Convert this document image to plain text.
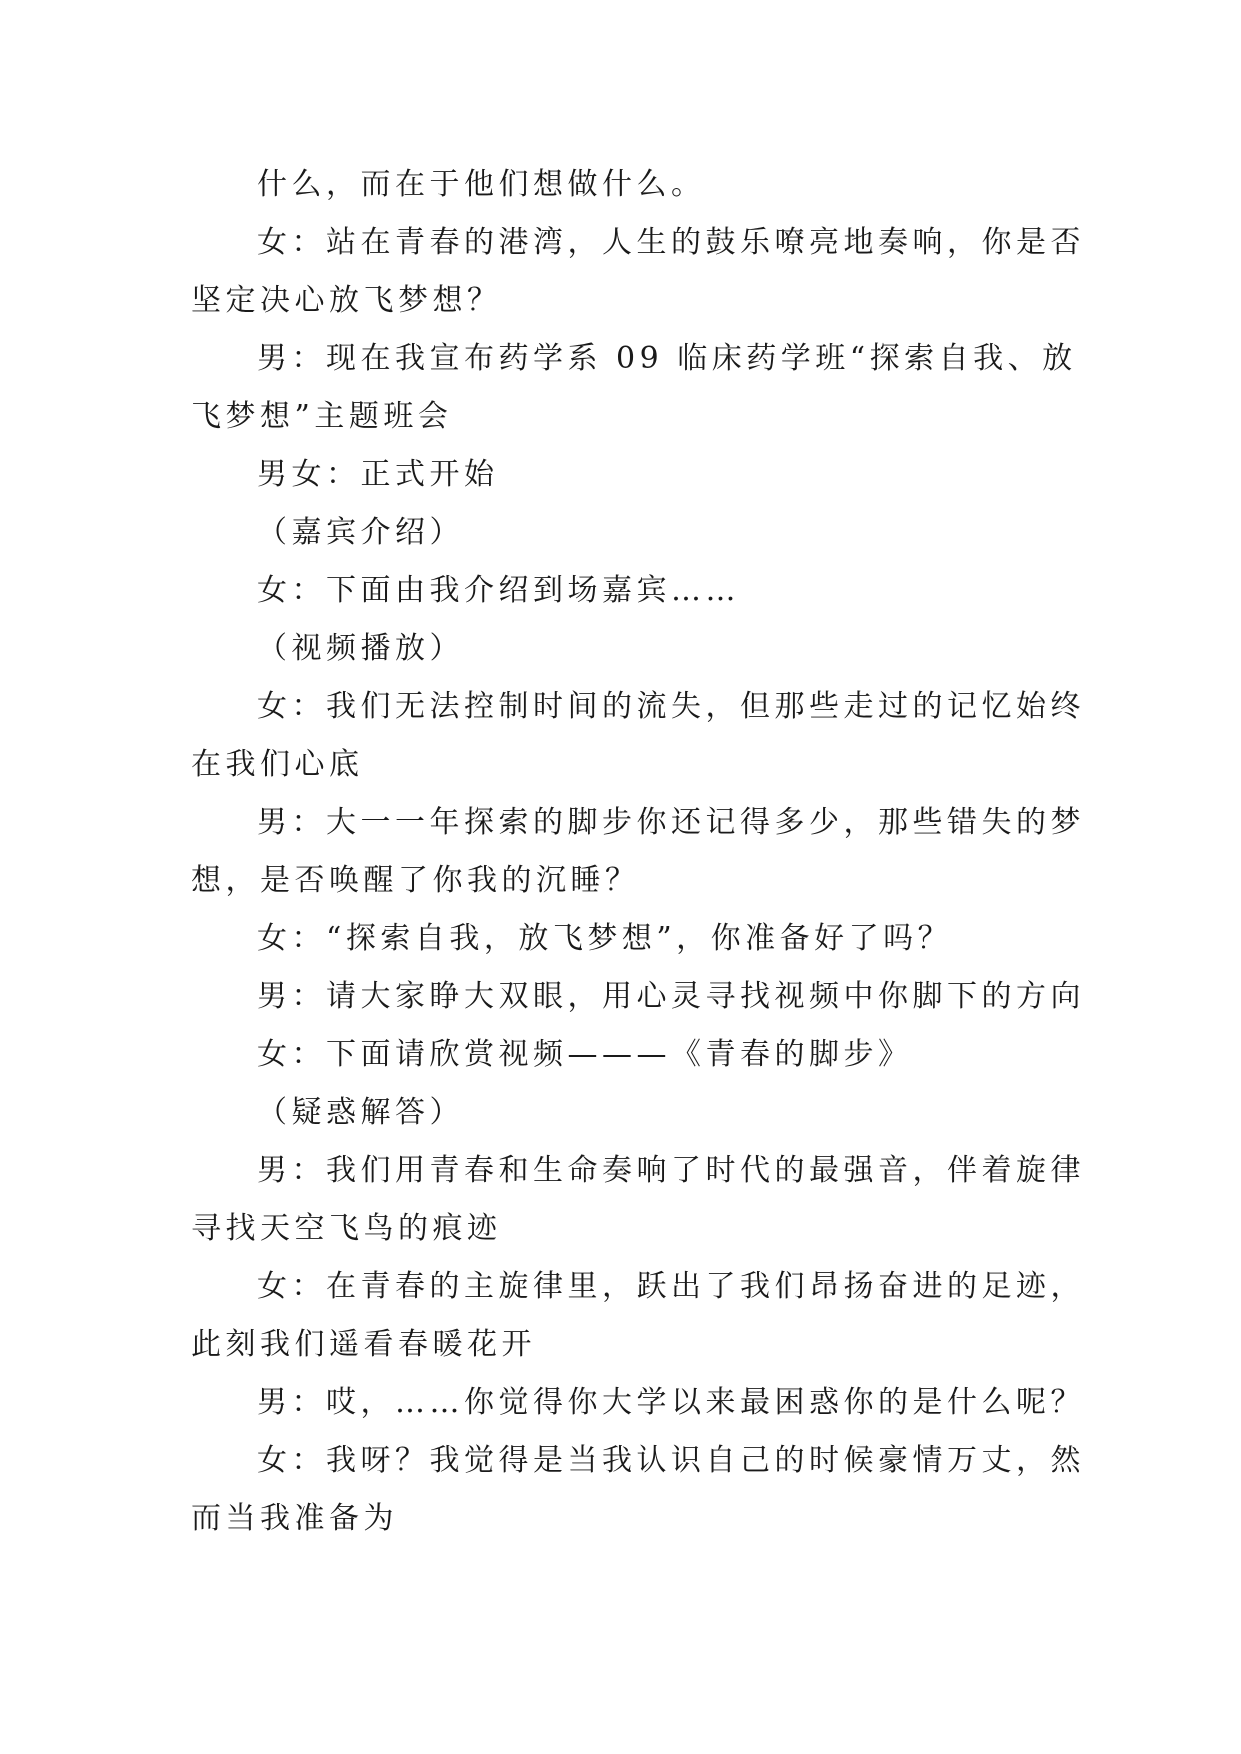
什么，而在于他们想做什么。
女：站在青春的港湾，人生的鼓乐嘹亮地奏响，你是否
坚定决心放飞梦想？
男：现在我宣布药学系 09 临床药学班“探索自我、放
飞梦想”主题班会
男女：正式开始
（嘉宾介绍）
女：下面由我介绍到场嘉宾……
（视频播放）
女：我们无法控制时间的流失，但那些走过的记忆始终
在我们心底
男：大一一年探索的脚步你还记得多少，那些错失的梦
想，是否唤醒了你我的沉睡？
女：“探索自我，放飞梦想”，你准备好了吗？
男：请大家睁大双眼，用心灵寻找视频中你脚下的方向
女：下面请欣赏视频———《青春的脚步》
（疑惑解答）
男：我们用青春和生命奏响了时代的最强音，伴着旋律
寻找天空飞鸟的痕迹
女：在青春的主旋律里，跃出了我们昂扬奋进的足迹，
此刻我们遥看春暖花开
男：哎，……你觉得你大学以来最困惑你的是什么呢？
女：我呀？我觉得是当我认识自己的时候豪情万丈，然
而当我准备为
